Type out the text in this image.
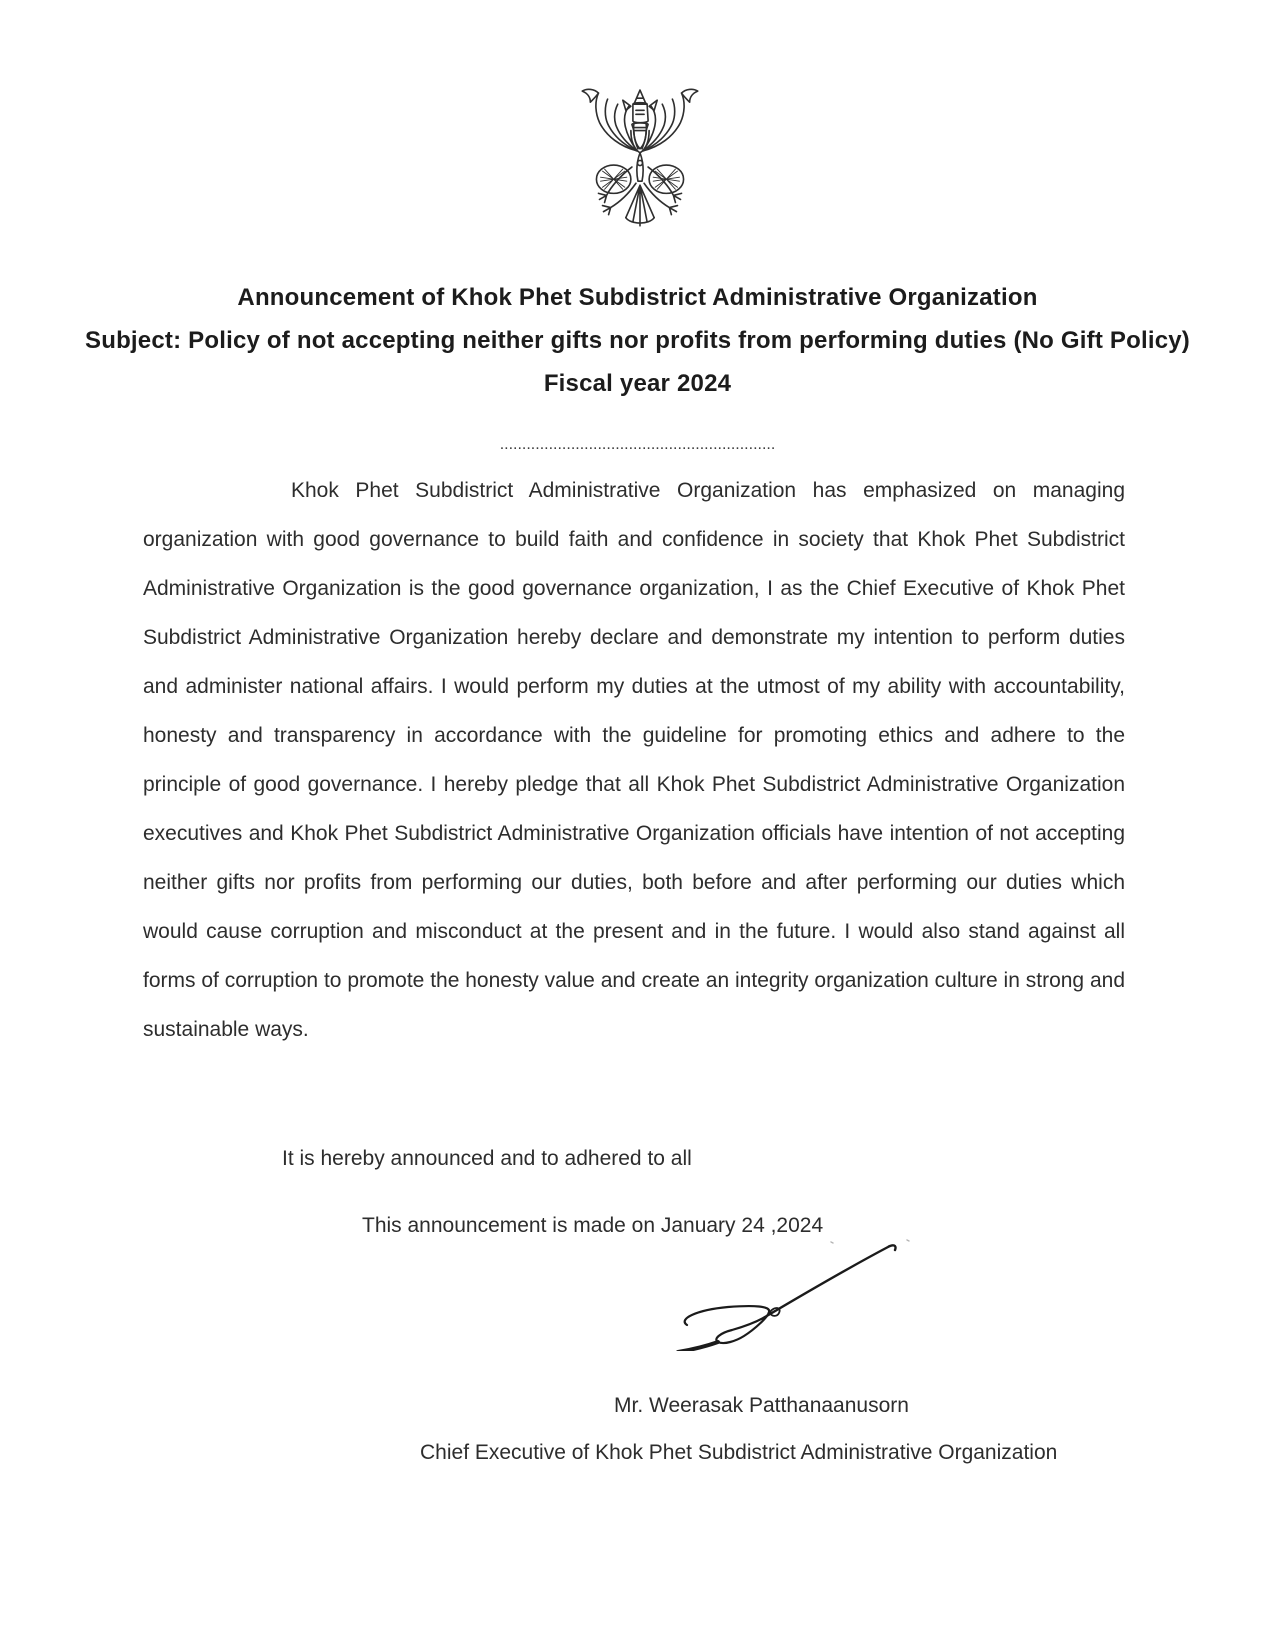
Announcement of Khok Phet Subdistrict Administrative Organization
Subject: Policy of not accepting neither gifts nor profits from performing duties (No Gift Policy)
Fiscal year 2024
..............................................................

Khok Phet Subdistrict Administrative Organization has emphasized on managing organization with good governance to build faith and confidence in society that Khok Phet Subdistrict Administrative Organization is the good governance organization, I as the Chief Executive of Khok Phet Subdistrict Administrative Organization hereby declare and demonstrate my intention to perform duties and administer national affairs. I would perform my duties at the utmost of my ability with accountability, honesty and transparency in accordance with the guideline for promoting ethics and adhere to the principle of good governance. I hereby pledge that all Khok Phet Subdistrict Administrative Organization executives and Khok Phet Subdistrict Administrative Organization officials have intention of not accepting neither gifts nor profits from performing our duties, both before and after performing our duties which would cause corruption and misconduct at the present and in the future. I would also stand against all forms of corruption to promote the honesty value and create an integrity organization culture in strong and sustainable ways.

It is hereby announced and to adhered to all

This announcement is made on January 24 ,2024

Mr. Weerasak Patthanaanusorn

Chief Executive of Khok Phet Subdistrict Administrative Organization
